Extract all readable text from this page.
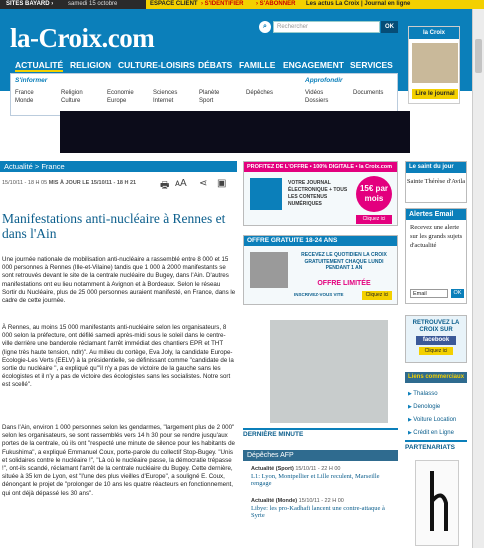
SITES BAYARD › samedi 15 octobre	ESPACE CLIENT › S'IDENTIFIER › S'ABONNER Les actus La Croix | Journal en ligne
la-Croix.com	⌕	Rechercher	OK
ACTUALITÉ RELIGION CULTURE-LOISIRS DÉBATS FAMILLE ENGAGEMENT SERVICES
S'informer	Approfondir
France
Monde
Religion
Culture
Economie
Europe
Sciences
Internet
Planète
Sport
Dépêches	Vidéos
Dossiers
Documents
la Croix
Lire le journal
Actualité > France
15/10/11 - 18 H 05 MIS À JOUR LE 15/10/11 - 18 H 21 🖶 ᴀA ⋖ ▣
Manifestations anti-nucléaire à Rennes et dans l'Ain
Une journée nationale de mobilisation anti-nucléaire a rassemblé entre 8 000 et 15 000 personnes à Rennes (Ille-et-Vilaine) tandis que 1 000 à 2000 manifestants se sont retrouvés devant le site de la centrale nucléaire du Bugey, dans l'Ain. D'autres manifestations ont eu lieu notamment à Avignon et à Bordeaux. Selon le réseau Sortir du Nucléaire, plus de 25 000 personnes auraient manifesté, en France, dans le cadre de cette journée.
À Rennes, au moins 15 000 manifestants anti-nucléaire selon les organisateurs, 8 000 selon la préfecture, ont défilé samedi après-midi sous le soleil dans le centre-ville derrière une banderole réclamant l'arrêt immédiat des chantiers EPR et THT (ligne très haute tension, ndlr)". Au milieu du cortège, Eva Joly, la candidate Europe-Ecologie-Les Verts (EELV) à la présidentielle, se définissant comme "candidate de la sortie du nucléaire ", a expliqué qu'"il n'y a pas de victoire de la gauche sans les écologistes et il n'y a pas de victoire des écologistes sans les socialistes. Notre sort est scellé".
Dans l'Ain, environ 1 000 personnes selon les gendarmes, "largement plus de 2 000" selon les organisateurs, se sont rassemblés vers 14 h 30 pour se rendre jusqu'aux portes de la centrale, où ils ont "respecté une minute de silence pour les habitants de Fukushima", a expliqué Emmanuel Coux, porte-parole du collectif Stop-Bugey. "Unis et solidaires contre le nucléaire !", "Là où le nucléaire passe, la démocratie trépasse !", ont-ils scandé, réclamant l'arrêt de la centrale nucléaire du Bugey. Cette dernière, située à 35 km de Lyon, est "l'une des plus vieilles d'Europe", a souligné E. Coux, dénonçant le projet de "prolonger de 10 ans les quatre réacteurs en fonctionnement, qui ont déjà dépassé les 30 ans".
PROFITEZ DE L'OFFRE • 100% DIGITALE • la Croix.com
VOTRE JOURNAL ÉLECTRONIQUE + TOUS LES CONTENUS NUMÉRIQUES
15€ par mois
Cliquez ici
OFFRE GRATUITE 18-24 ANS
RECEVEZ LE QUOTIDIEN LA CROIX GRATUITEMENT CHAQUE LUNDI PENDANT 1 AN
OFFRE LIMITÉE
INSCRIVEZ-VOUS VITE	Cliquez ici
DERNIÈRE MINUTE
Dépêches AFP
Actualité (Sport) 15/10/11 - 22 H 00
L1: Lyon, Montpellier et Lille reculent, Marseille rengage
Actualité (Monde) 15/10/11 - 22 H 00
Libye: les pro-Kadhafi lancent une contre-attaque à Syrte
Le saint du jour
Sainte Thérèse d'Avila
Alertes Email
Recevez une alerte sur les grands sujets d'actualité
Email	OK
RETROUVEZ LA CROIX SUR
facebook
Cliquez ici
Liens commerciaux
▶ Thalasso
▶ Denologie
▶ Voiture Location
▶ Crédit en Ligne
PARTENARIATS
